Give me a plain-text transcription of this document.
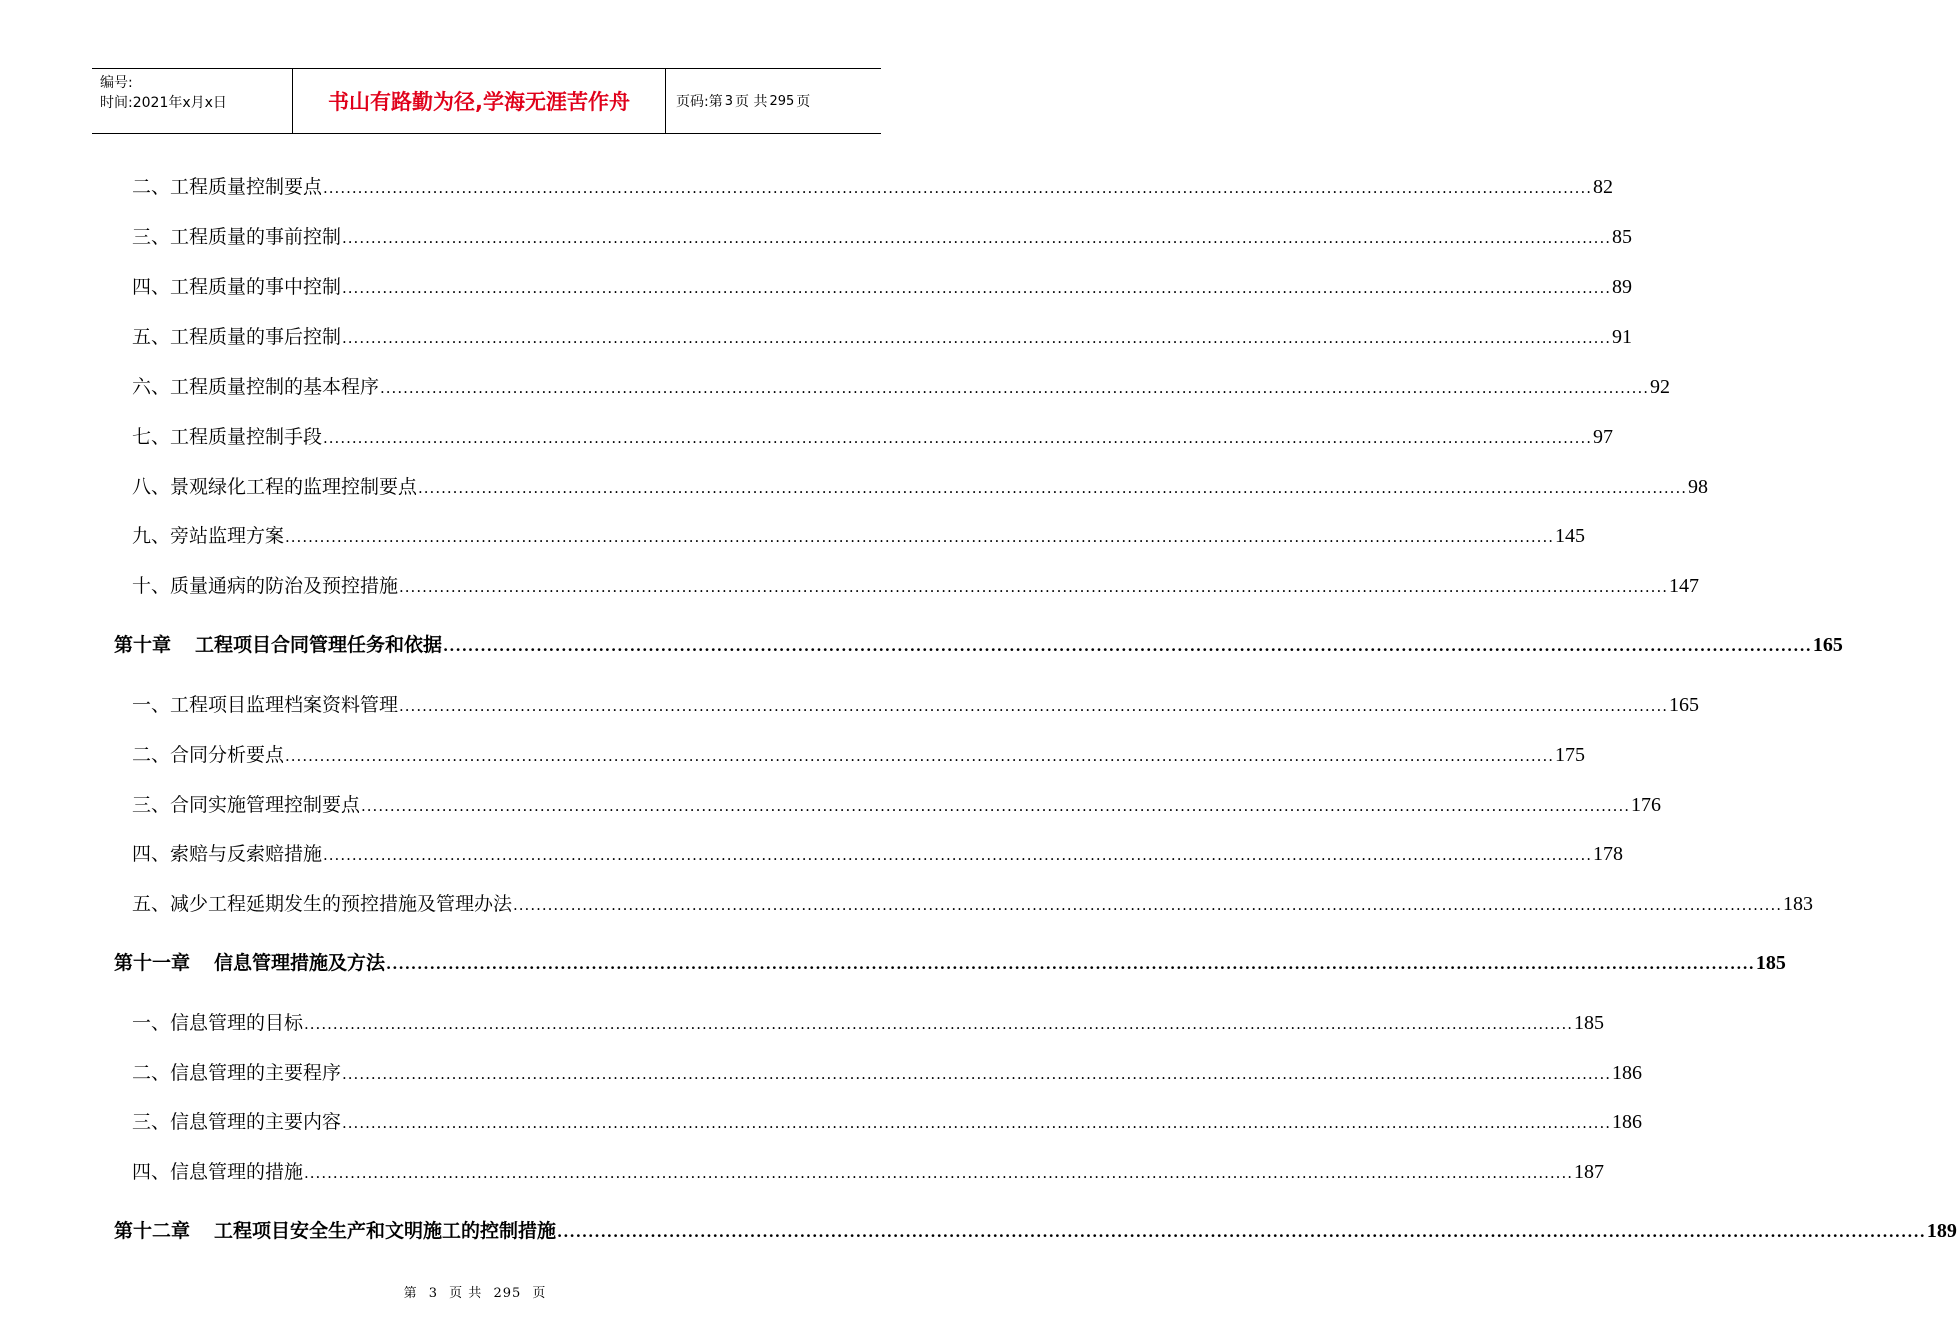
编号:
时间:2021年x月x日	书山有路勤为径,学海无涯苦作舟	页码:第 3 页 共 295 页
二、工程质量控制要点 ............................................................................................................................................................................................................................ 82
三、工程质量的事前控制 ............................................................................................................................................................................................................................ 85
四、工程质量的事中控制 ............................................................................................................................................................................................................................ 89
五、工程质量的事后控制 ............................................................................................................................................................................................................................ 91
六、工程质量控制的基本程序 ............................................................................................................................................................................................................................ 92
七、工程质量控制手段 ............................................................................................................................................................................................................................ 97
八、景观绿化工程的监理控制要点 ............................................................................................................................................................................................................................ 98
九、旁站监理方案 ............................................................................................................................................................................................................................ 145
十、质量通病的防治及预控措施 ............................................................................................................................................................................................................................ 147
第十章 工程项目合同管理任务和依据 ............................................................................................................................................................................................................................ 165
一、工程项目监理档案资料管理 ............................................................................................................................................................................................................................ 165
二、合同分析要点 ............................................................................................................................................................................................................................ 175
三、合同实施管理控制要点 ............................................................................................................................................................................................................................ 176
四、索赔与反索赔措施 ............................................................................................................................................................................................................................ 178
五、减少工程延期发生的预控措施及管理办法 ............................................................................................................................................................................................................................ 183
第十一章 信息管理措施及方法 ............................................................................................................................................................................................................................ 185
一、信息管理的目标 ............................................................................................................................................................................................................................ 185
二、信息管理的主要程序 ............................................................................................................................................................................................................................ 186
三、信息管理的主要内容 ............................................................................................................................................................................................................................ 186
四、信息管理的措施 ............................................................................................................................................................................................................................ 187
第十二章 工程项目安全生产和文明施工的控制措施 ............................................................................................................................................................................................................................ 189
第 3 页 共 295 页
